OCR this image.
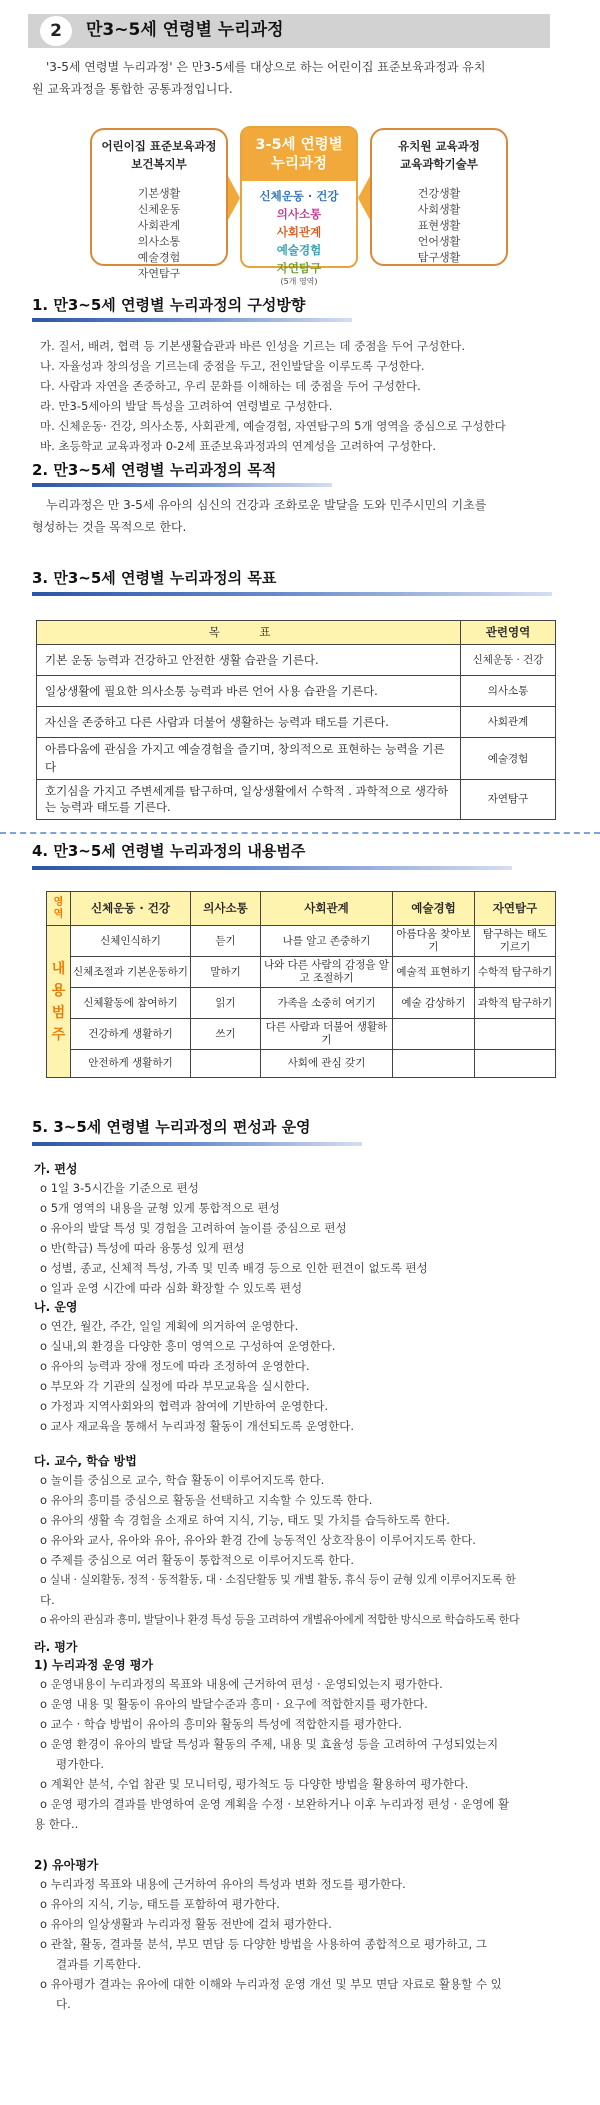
2	만3~5세 연령별 누리과정
'3-5세 연령별 누리과정' 은 만3-5세를 대상으로 하는 어린이집 표준보육과정과 유치
원 교육과정을 통합한 공통과정입니다.
어린이집 표준보육과정
보건복지부
기본생활
신체운동
사회관계
의사소통
예술경험
자연탐구
3-5세 연령별
누리과정
신체운동 · 건강
의사소통
사회관계
예술경험
자연탐구
(5개 영역)
유치원 교육과정
교육과학기술부
건강생활
사회생활
표현생활
언어생활
탐구생활
1. 만3~5세 연령별 누리과정의 구성방향
가. 질서, 배려, 협력 등 기본생활습관과 바른 인성을 기르는 데 중점을 두어 구성한다.
나. 자율성과 창의성을 기르는데 중점을 두고, 전인발달을 이루도록 구성한다.
다. 사람과 자연을 존중하고, 우리 문화를 이해하는 데 중점을 두어 구성한다.
라. 만3-5세아의 발달 특성을 고려하여 연령별로 구성한다.
마. 신체운동· 건강, 의사소통, 사회관계, 예술경험, 자연탐구의 5개 영역을 중심으로 구성한다
바. 초등학교 교육과정과 0-2세 표준보육과정과의 연계성을 고려하여 구성한다.
2. 만3~5세 연령별 누리과정의 목적
누리과정은 만 3-5세 유아의 심신의 건강과 조화로운 발달을 도와 민주시민의 기초를
형성하는 것을 목적으로 한다.
3. 만3~5세 연령별 누리과정의 목표
목 표	관련영역
기본 운동 능력과 건강하고 안전한 생활 습관을 기른다.	신체운동 · 건강
일상생활에 필요한 의사소통 능력과 바른 언어 사용 습관을 기른다.	의사소통
자신을 존중하고 다른 사람과 더불어 생활하는 능력과 태도를 기른다.	사회관계
아름다움에 관심을 가지고 예술경험을 즐기며, 창의적으로 표현하는 능력을 기른다	예술경험
호기심을 가지고 주변세계를 탐구하며, 일상생활에서 수학적 . 과학적으로 생각하는 능력과 태도를 기른다.	자연탐구
4. 만3~5세 연령별 누리과정의 내용범주
영역	신체운동 · 건강	의사소통	사회관계	예술경험	자연탐구

내용범주	신체인식하기	듣기	나를 알고 존중하기	아름다움 찾아보기	탐구하는 태도 기르기
	신체조절과 기본운동하기	말하기	나와 다른 사람의 감정을 알고 조절하기	예술적 표현하기	수학적 탐구하기
	신체활동에 참여하기	읽기	가족을 소중히 여기기	예술 감상하기	과학적 탐구하기
	건강하게 생활하기	쓰기	다른 사람과 더불어 생활하기		
	안전하게 생활하기		사회에 관심 갖기		
5. 3~5세 연령별 누리과정의 편성과 운영
가. 편성
o 1일 3-5시간을 기준으로 편성
o 5개 영역의 내용을 균형 있게 통합적으로 편성
o 유아의 발달 특성 및 경험을 고려하여 놀이를 중심으로 편성
o 반(학급) 특성에 따라 융통성 있게 편성
o 성별, 종교, 신체적 특성, 가족 및 민족 배경 등으로 인한 편견이 없도록 편성
o 일과 운영 시간에 따라 심화 확장할 수 있도록 편성
나. 운영
o 연간, 월간, 주간, 일일 계획에 의거하여 운영한다.
o 실내,외 환경을 다양한 흥미 영역으로 구성하여 운영한다.
o 유아의 능력과 장애 정도에 따라 조정하여 운영한다.
o 부모와 각 기관의 실정에 따라 부모교육을 실시한다.
o 가정과 지역사회와의 협력과 참여에 기반하여 운영한다.
o 교사 재교육을 통해서 누리과정 활동이 개선되도록 운영한다.
다. 교수, 학습 방법
o 놀이를 중심으로 교수, 학습 활동이 이루어지도록 한다.
o 유아의 흥미를 중심으로 활동을 선택하고 지속할 수 있도록 한다.
o 유아의 생활 속 경험을 소재로 하여 지식, 기능, 태도 및 가치를 습득하도록 한다.
o 유아와 교사, 유아와 유아, 유아와 환경 간에 능동적인 상호작용이 이루어지도록 한다.
o 주제를 중심으로 여러 활동이 통합적으로 이루어지도록 한다.
o 실내 · 실외활동, 정적 · 동적활동, 대 · 소집단활동 및 개별 활동, 휴식 등이 균형 있게 이루어지도록 한
다.
o 유아의 관심과 흥미, 발달이나 환경 특성 등을 고려하여 개별유아에게 적합한 방식으로 학습하도록 한다
라. 평가
1) 누리과정 운영 평가
o 운영내용이 누리과정의 목표와 내용에 근거하여 편성 · 운영되었는지 평가한다.
o 운영 내용 및 활동이 유아의 발달수준과 흥미 · 요구에 적합한지를 평가한다.
o 교수 · 학습 방법이 유아의 흥미와 활동의 특성에 적합한지를 평가한다.
o 운영 환경이 유아의 발달 특성과 활동의 주제, 내용 및 효율성 등을 고려하여 구성되었는지
평가한다.
o 계획안 분석, 수업 참관 및 모니터링, 평가척도 등 다양한 방법을 활용하여 평가한다.
o 운영 평가의 결과를 반영하여 운영 계획을 수정 · 보완하거나 이후 누리과정 편성 · 운영에 활
용 한다..
2) 유아평가
o 누리과정 목표와 내용에 근거하여 유아의 특성과 변화 정도를 평가한다.
o 유아의 지식, 기능, 태도를 포함하여 평가한다.
o 유아의 일상생활과 누리과정 활동 전반에 걸쳐 평가한다.
o 관찰, 활동, 결과물 분석, 부모 면담 등 다양한 방법을 사용하여 종합적으로 평가하고, 그
결과를 기록한다.
o 유아평가 결과는 유아에 대한 이해와 누리과정 운영 개선 및 부모 면담 자료로 활용할 수 있
다.
